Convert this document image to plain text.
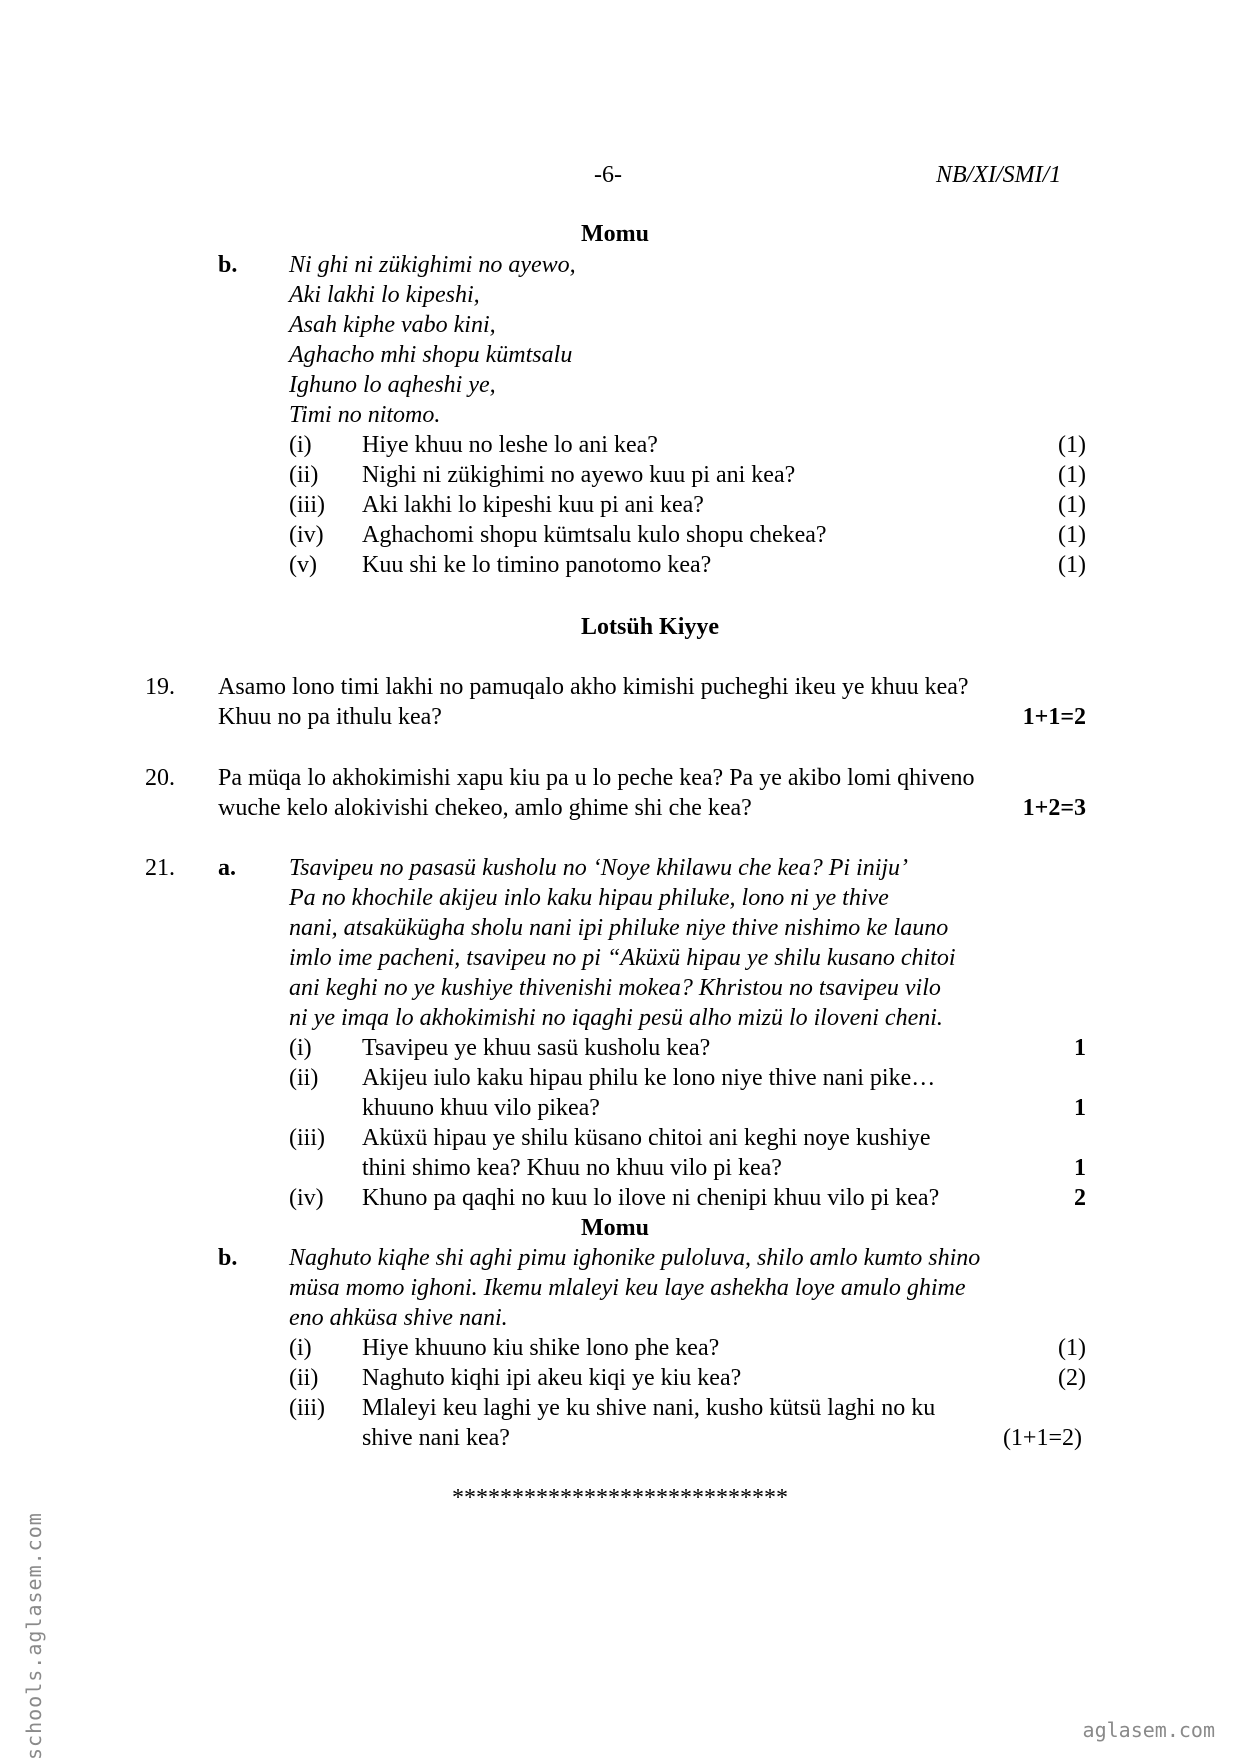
-6-	NB/XI/SMI/1
Momu
b. Ni ghi ni zükighimi no ayewo,
Aki lakhi lo kipeshi,
Asah kiphe vabo kini,
Aghacho mhi shopu kümtsalu
Ighuno lo aqheshi ye,
Timi no nitomo.
(i) Hiye khuu no leshe lo ani kea?	(1)
(ii) Nighi ni zükighimi no ayewo kuu pi ani kea?	(1)
(iii) Aki lakhi lo kipeshi kuu pi ani kea?	(1)
(iv) Aghachomi shopu kümtsalu kulo shopu chekea?	(1)
(v) Kuu shi ke lo timino panotomo kea?	(1)
Lotsüh Kiyye
19. Asamo lono timi lakhi no pamuqalo akho kimishi pucheghi ikeu ye khuu kea?
Khuu no pa ithulu kea?	1+1=2
20. Pa müqa lo akhokimishi xapu kiu pa u lo peche kea? Pa ye akibo lomi qhiveno
wuche kelo alokivishi chekeo, amlo ghime shi che kea?	1+2=3
21. a. Tsavipeu no pasasü kusholu no ‘Noye khilawu che kea? Pi iniju’
Pa no khochile akijeu inlo kaku hipau philuke, lono ni ye thive
nani, atsakükügha sholu nani ipi philuke niye thive nishimo ke launo
imlo ime pacheni, tsavipeu no pi “Aküxü hipau ye shilu kusano chitoi
ani keghi no ye kushiye thivenishi mokea? Khristou no tsavipeu vilo
ni ye imqa lo akhokimishi no iqaghi pesü alho mizü lo iloveni cheni.
(i) Tsavipeu ye khuu sasü kusholu kea?	1
(ii) Akijeu iulo kaku hipau philu ke lono niye thive nani pike…
khuuno khuu vilo pikea?	1
(iii) Aküxü hipau ye shilu küsano chitoi ani keghi noye kushiye
thini shimo kea? Khuu no khuu vilo pi kea?	1
(iv) Khuno pa qaqhi no kuu lo ilove ni chenipi khuu vilo pi kea?	2
Momu
b. Naghuto kiqhe shi aghi pimu ighonike puloluva, shilo amlo kumto shino
müsa momo ighoni. Ikemu mlaleyi keu laye ashekha loye amulo ghime
eno ahküsa shive nani.
(i) Hiye khuuno kiu shike lono phe kea?	(1)
(ii) Naghuto kiqhi ipi akeu kiqi ye kiu kea?	(2)
(iii) Mlaleyi keu laghi ye ku shive nani, kusho kütsü laghi no ku
shive nani kea?	(1+1=2)
****************************
schools.aglasem.com	aglasem.com
